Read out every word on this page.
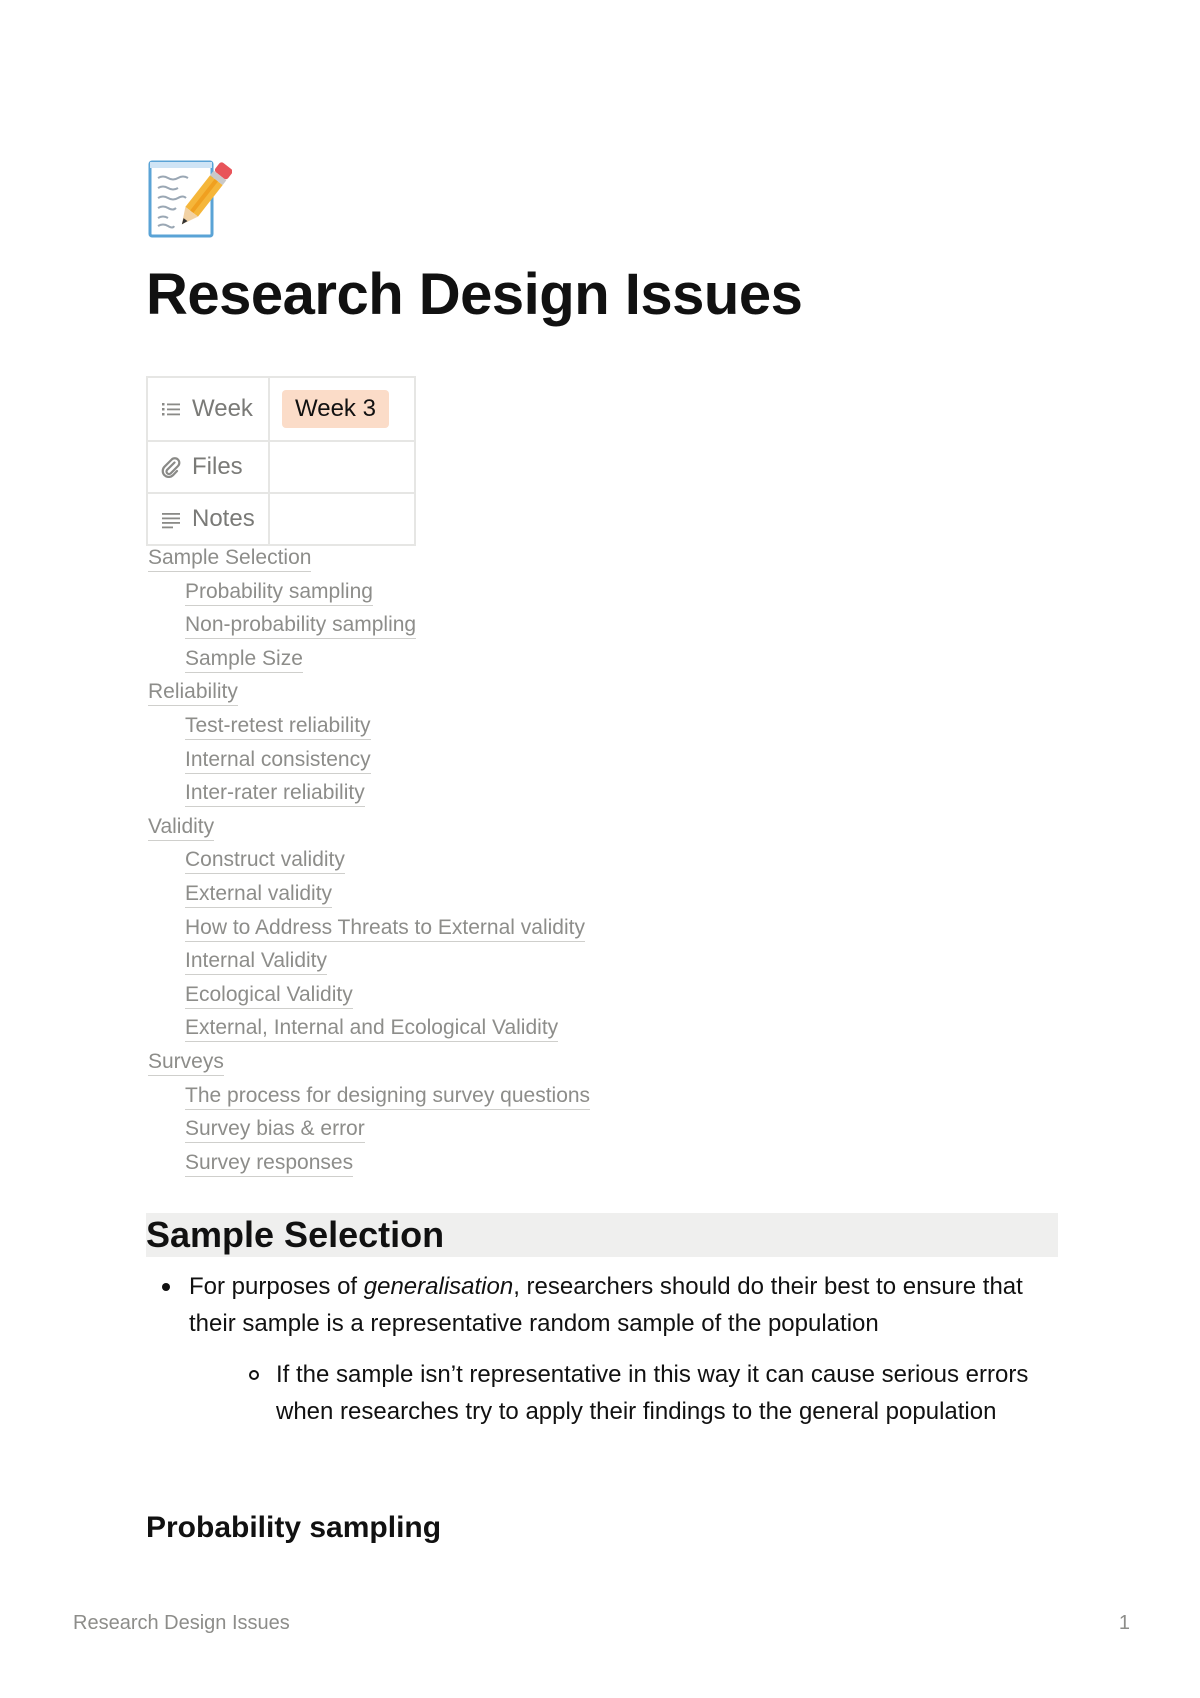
Research Design Issues
Week	Week 3

Files	

Notes	

Sample Selection
Probability sampling
Non-probability sampling
Sample Size
Reliability
Test-retest reliability
Internal consistency
Inter-rater reliability
Validity
Construct validity
External validity
How to Address Threats to External validity
Internal Validity
Ecological Validity
External, Internal and Ecological Validity
Surveys
The process for designing survey questions
Survey bias & error
Survey responses
Sample Selection
For purposes of generalisation, researchers should do their best to ensure that their sample is a representative random sample of the population
If the sample isn’t representative in this way it can cause serious errors when researches try to apply their findings to the general population
Probability sampling
Research Design Issues	1
